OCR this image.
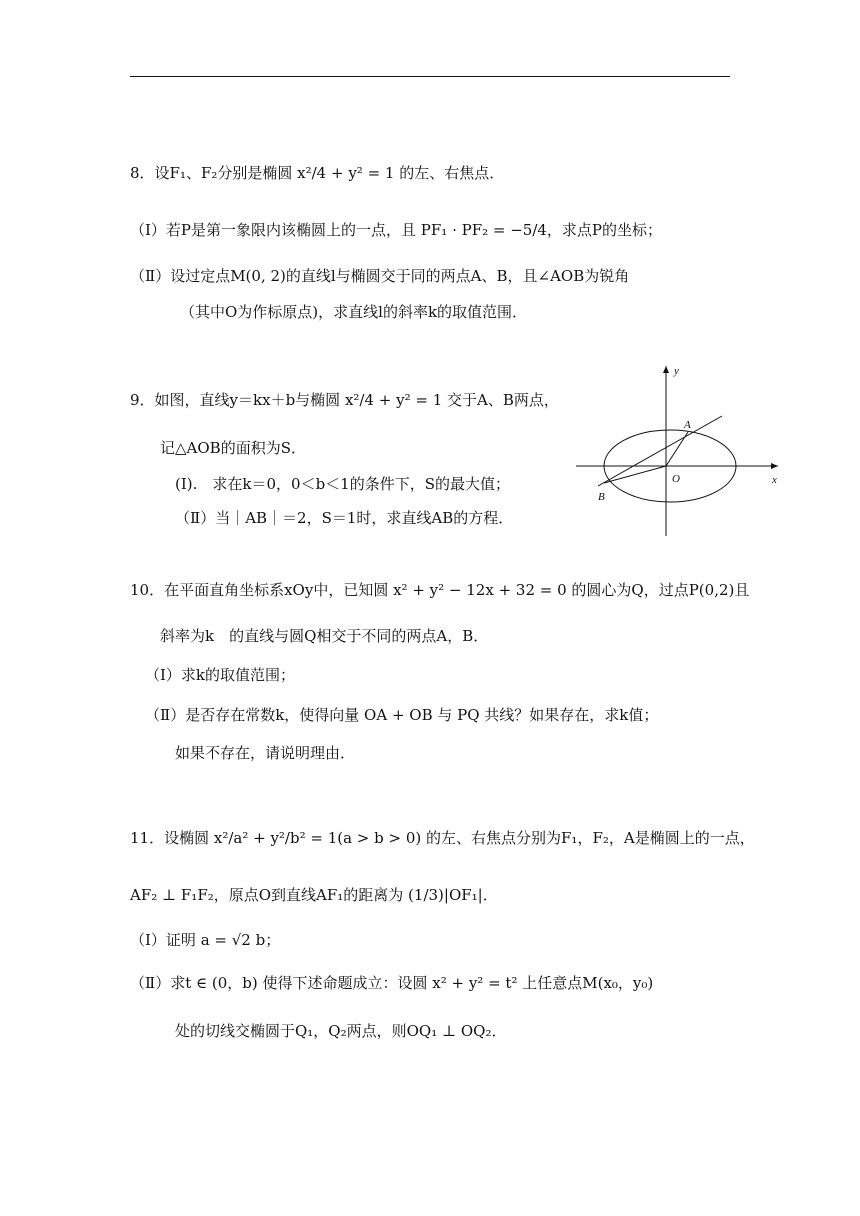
8．设F₁、F₂分别是椭圆 x²/4 + y² = 1 的左、右焦点．
（Ⅰ）若P是第一象限内该椭圆上的一点，且 PF₁ · PF₂ = −5/4，求点P的坐标；
（Ⅱ）设过定点M(0, 2)的直线l与椭圆交于同的两点A、B，且∠AOB为锐角
（其中O为作标原点)，求直线l的斜率k的取值范围．
9．如图，直线y＝kx＋b与椭圆 x²/4 + y² = 1 交于A、B两点，
记△AOB的面积为S．
(I).　求在k＝0，0＜b＜1的条件下，S的最大值；
（Ⅱ）当｜AB｜＝2，S＝1时，求直线AB的方程．
y
x
A
B
O
10．在平面直角坐标系xOy中，已知圆 x² + y² − 12x + 32 = 0 的圆心为Q，过点P(0,2)且
斜率为k　的直线与圆Q相交于不同的两点A，B．
（Ⅰ）求k的取值范围；
（Ⅱ）是否存在常数k，使得向量 OA + OB 与 PQ 共线？如果存在，求k值；
如果不存在，请说明理由．
11．设椭圆 x²/a² + y²/b² = 1(a > b > 0) 的左、右焦点分别为F₁，F₂，A是椭圆上的一点，
AF₂ ⊥ F₁F₂，原点O到直线AF₁的距离为 (1/3)|OF₁|．
（Ⅰ）证明 a = √2 b；
（Ⅱ）求t ∈ (0，b) 使得下述命题成立：设圆 x² + y² = t² 上任意点M(x₀，y₀)
处的切线交椭圆于Q₁，Q₂两点，则OQ₁ ⊥ OQ₂．
